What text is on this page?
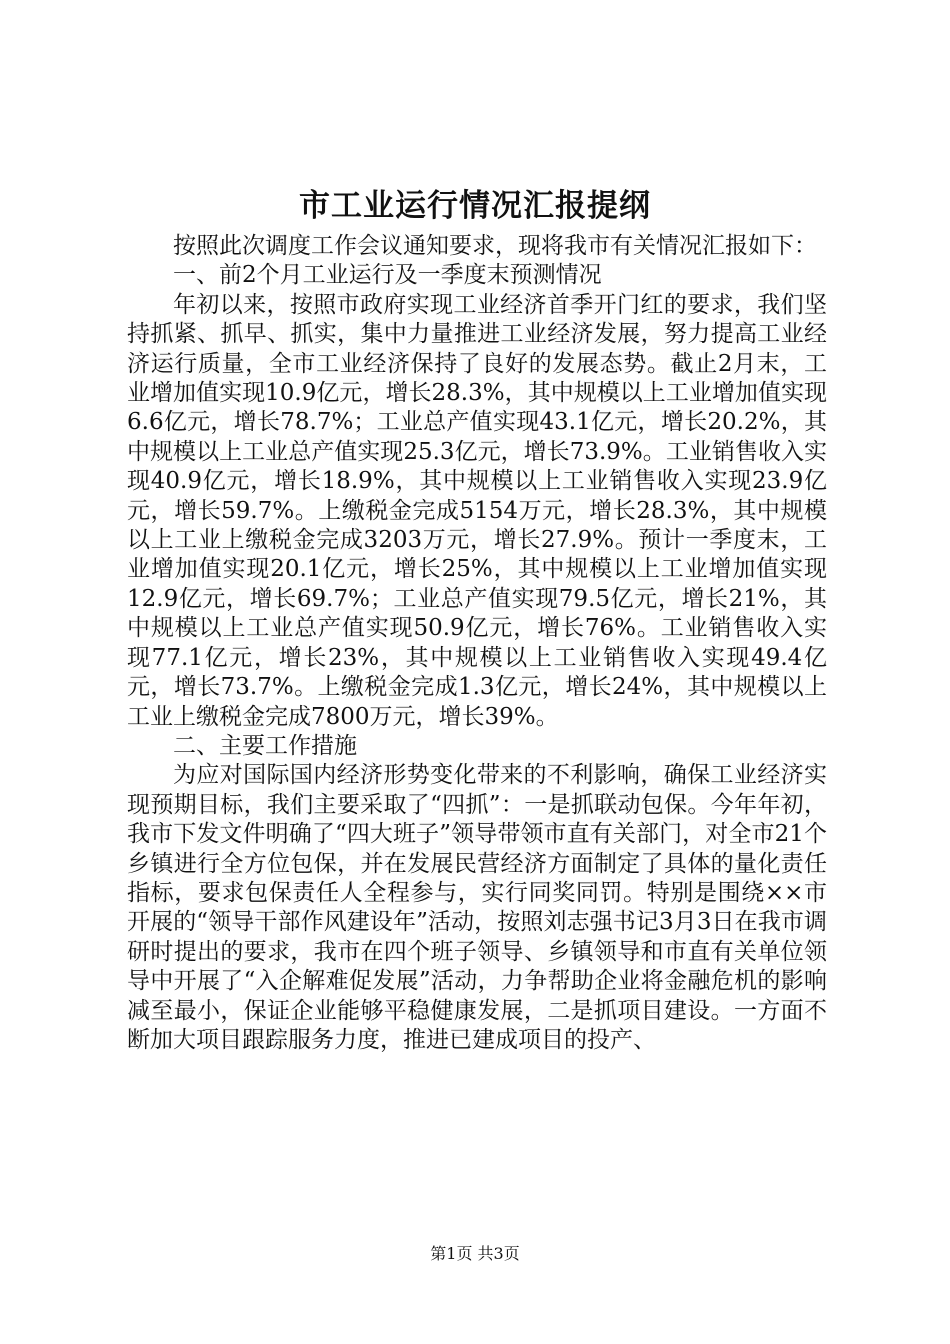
市工业运行情况汇报提纲

按照此次调度工作会议通知要求，现将我市有关情况汇报如下：

一、前2个月工业运行及一季度末预测情况

年初以来，按照市政府实现工业经济首季开门红的要求，我们坚持抓紧、抓早、抓实，集中力量推进工业经济发展，努力提高工业经济运行质量，全市工业经济保持了良好的发展态势。截止2月末，工业增加值实现10.9亿元，增长28.3%，其中规模以上工业增加值实现6.6亿元，增长78.7%；工业总产值实现43.1亿元，增长20.2%，其中规模以上工业总产值实现25.3亿元，增长73.9%。工业销售收入实现40.9亿元，增长18.9%，其中规模以上工业销售收入实现23.9亿元，增长59.7%。上缴税金完成5154万元，增长28.3%，其中规模以上工业上缴税金完成3203万元，增长27.9%。预计一季度末，工业增加值实现20.1亿元，增长25%，其中规模以上工业增加值实现12.9亿元，增长69.7%；工业总产值实现79.5亿元，增长21%，其中规模以上工业总产值实现50.9亿元，增长76%。工业销售收入实现77.1亿元，增长23%，其中规模以上工业销售收入实现49.4亿元，增长73.7%。上缴税金完成1.3亿元，增长24%，其中规模以上工业上缴税金完成7800万元，增长39%。

二、主要工作措施

为应对国际国内经济形势变化带来的不利影响，确保工业经济实现预期目标，我们主要采取了“四抓”：一是抓联动包保。今年年初，我市下发文件明确了“四大班子”领导带领市直有关部门，对全市21个乡镇进行全方位包保，并在发展民营经济方面制定了具体的量化责任指标，要求包保责任人全程参与，实行同奖同罚。特别是围绕××市开展的“领导干部作风建设年”活动，按照刘志强书记3月3日在我市调研时提出的要求，我市在四个班子领导、乡镇领导和市直有关单位领导中开展了“入企解难促发展”活动，力争帮助企业将金融危机的影响减至最小，保证企业能够平稳健康发展，二是抓项目建设。一方面不断加大项目跟踪服务力度，推进已建成项目的投产、

第1页 共3页
